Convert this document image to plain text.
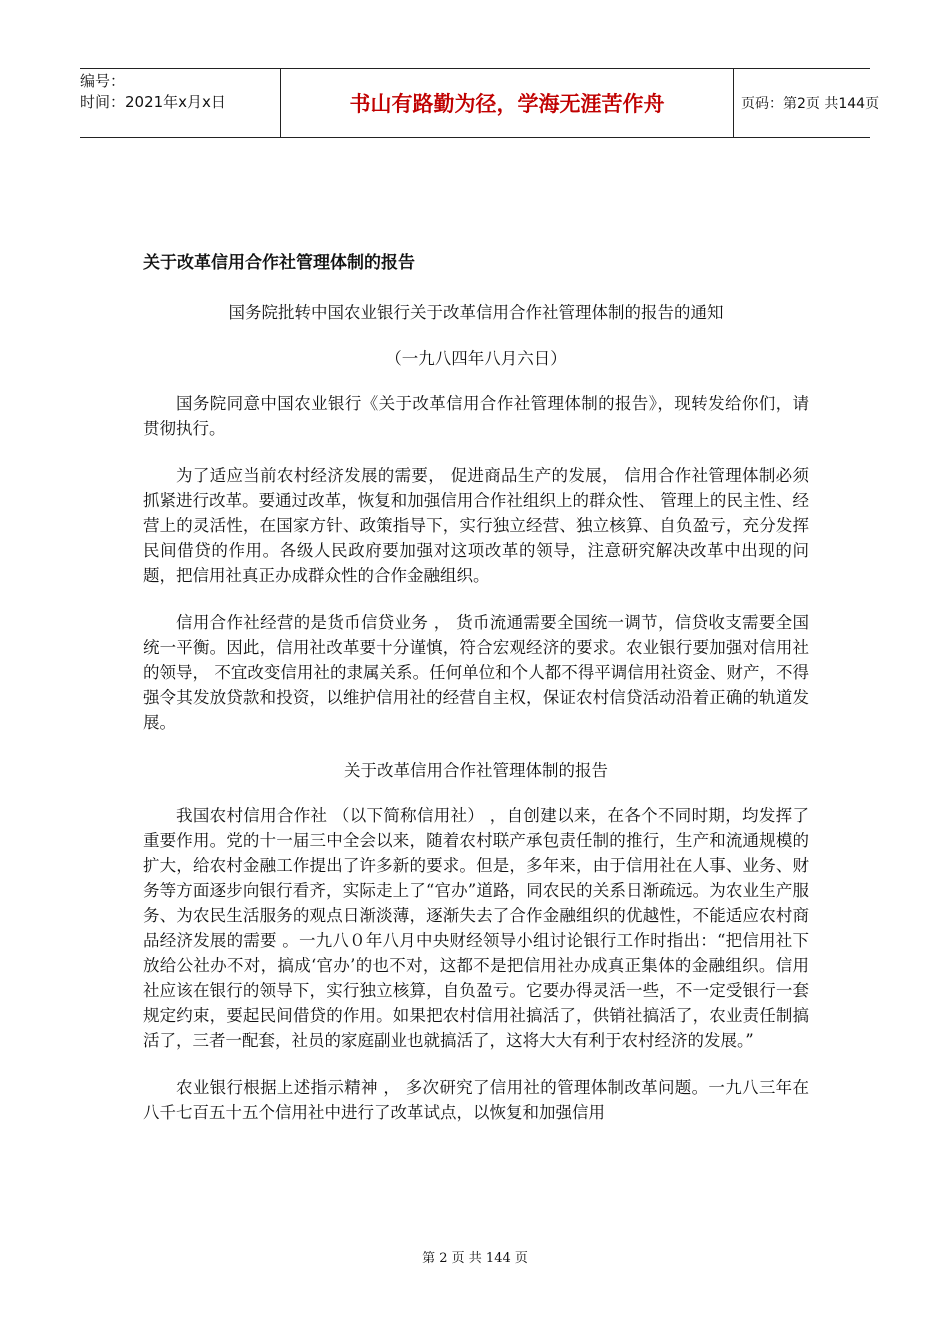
编号：
时间：2021年x月x日	书山有路勤为径，学海无涯苦作舟	页码：第2页 共144页
关于改革信用合作社管理体制的报告
国务院批转中国农业银行关于改革信用合作社管理体制的报告的通知
（一九八四年八月六日）

国务院同意中国农业银行《关于改革信用合作社管理体制的报告》，现转发给你们，请贯彻执行。

为了适应当前农村经济发展的需要， 促进商品生产的发展， 信用合作社管理体制必须抓紧进行改革。要通过改革，恢复和加强信用合作社组织上的群众性、 管理上的民主性、经营上的灵活性，在国家方针、政策指导下，实行独立经营、独立核算、自负盈亏，充分发挥民间借贷的作用。各级人民政府要加强对这项改革的领导，注意研究解决改革中出现的问题，把信用社真正办成群众性的合作金融组织。

信用合作社经营的是货币信贷业务 ， 货币流通需要全国统一调节，信贷收支需要全国统一平衡。因此，信用社改革要十分谨慎，符合宏观经济的要求。农业银行要加强对信用社的领导， 不宜改变信用社的隶属关系。任何单位和个人都不得平调信用社资金、财产，不得强令其发放贷款和投资，以维护信用社的经营自主权，保证农村信贷活动沿着正确的轨道发展。

关于改革信用合作社管理体制的报告

我国农村信用合作社 （以下简称信用社） ，自创建以来，在各个不同时期，均发挥了重要作用。党的十一届三中全会以来，随着农村联产承包责任制的推行，生产和流通规模的扩大，给农村金融工作提出了许多新的要求。但是，多年来，由于信用社在人事、业务、财务等方面逐步向银行看齐，实际走上了“官办”道路，同农民的关系日渐疏远。为农业生产服务、为农民生活服务的观点日渐淡薄，逐渐失去了合作金融组织的优越性，不能适应农村商品经济发展的需要 。一九八０年八月中央财经领导小组讨论银行工作时指出：“把信用社下放给公社办不对，搞成‘官办’的也不对，这都不是把信用社办成真正集体的金融组织。信用社应该在银行的领导下，实行独立核算，自负盈亏。它要办得灵活一些，不一定受银行一套规定约束，要起民间借贷的作用。如果把农村信用社搞活了，供销社搞活了，农业责任制搞活了，三者一配套，社员的家庭副业也就搞活了，这将大大有利于农村经济的发展。”

农业银行根据上述指示精神 ， 多次研究了信用社的管理体制改革问题。一九八三年在八千七百五十五个信用社中进行了改革试点，以恢复和加强信用

第 2 页 共 144 页
